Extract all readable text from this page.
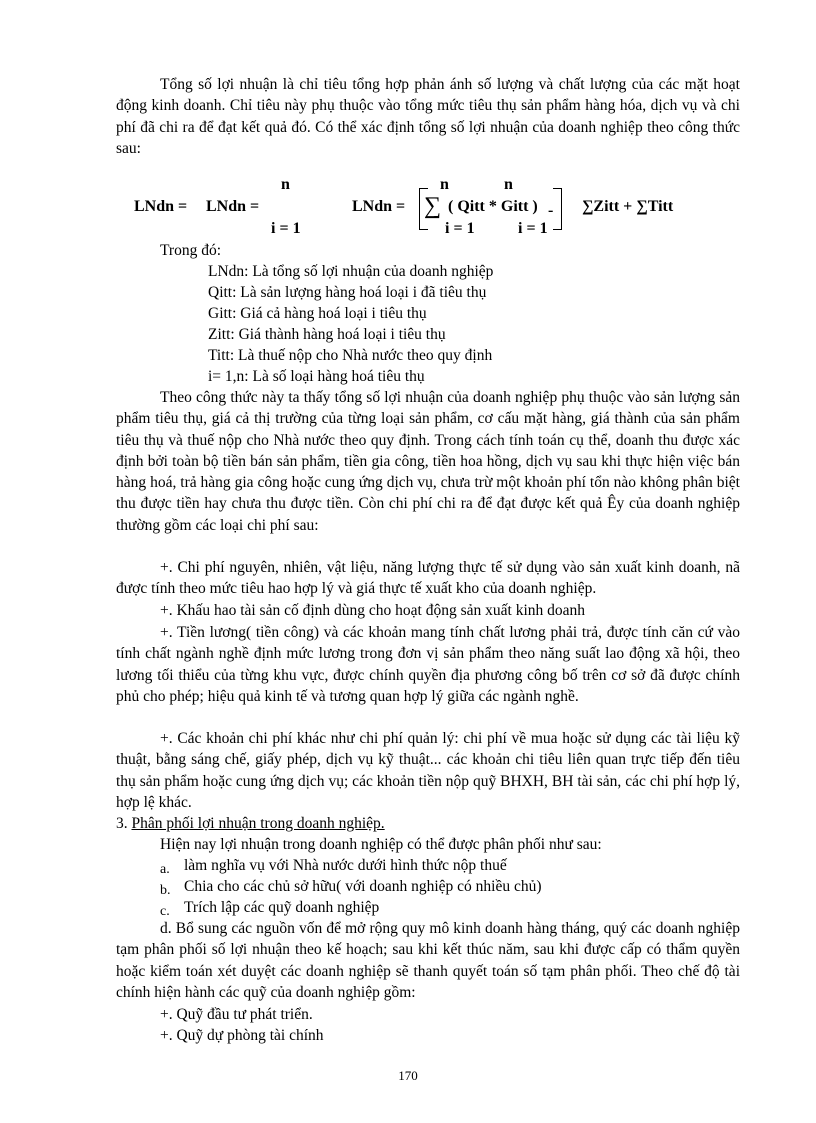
Tổng số lợi nhuận là chỉ tiêu tổng hợp phản ánh số lượng và chất lượng của các mặt hoạt động kinh doanh. Chỉ tiêu này phụ thuộc vào tổng mức tiêu thụ sản phẩm hàng hóa, dịch vụ và chi phí đã chi ra để đạt kết quả đó. Có thể xác định tổng số lợi nhuận của doanh nghiệp theo công thức sau:

LNdn = LNdn =
n
i = 1
LNdn = ∑
n	n
( Qitt * Gitt ) -
i = 1	i = 1
∑Zitt + ∑Titt

Trong đó:

LNdn: Là tổng số lợi nhuận của doanh nghiệp

Qitt: Là sản lượng hàng hoá loại i đã tiêu thụ

Gitt: Giá cả hàng hoá loại i tiêu thụ

Zitt: Giá thành hàng hoá loại i tiêu thụ

Titt: Là thuế nộp cho Nhà nước theo quy định

i= 1,n: Là số loại hàng hoá tiêu thụ

Theo công thức này ta thấy tổng số lợi nhuận của doanh nghiệp phụ thuộc vào sản lượng sản phẩm tiêu thụ, giá cả thị trường của từng loại sản phẩm, cơ cấu mặt hàng, giá thành của sản phẩm tiêu thụ và thuế nộp cho Nhà nước theo quy định. Trong cách tính toán cụ thể, doanh thu được xác định bởi toàn bộ tiền bán sản phẩm, tiền gia công, tiền hoa hồng, dịch vụ sau khi thực hiện việc bán hàng hoá, trả hàng gia công hoặc cung ứng dịch vụ, chưa trừ một khoản phí tổn nào không phân biệt thu được tiền hay chưa thu được tiền. Còn chi phí chi ra để đạt được kết quả Êy của doanh nghiệp thường gồm các loại chi phí sau:

+. Chi phí nguyên, nhiên, vật liệu, năng lượng thực tế sử dụng vào sản xuất kinh doanh, nã được tính theo mức tiêu hao hợp lý và giá thực tế xuất kho của doanh nghiệp.

+. Khấu hao tài sản cố định dùng cho hoạt động sản xuất kinh doanh

+. Tiền lương( tiền công) và các khoản mang tính chất lương phải trả, được tính căn cứ vào tính chất ngành nghề định mức lương trong đơn vị sản phẩm theo năng suất lao động xã hội, theo lương tối thiểu của từng khu vực, được chính quyền địa phương công bố trên cơ sở đã được chính phủ cho phép; hiệu quả kinh tế và tương quan hợp lý giữa các ngành nghề.

+. Các khoản chi phí khác như chi phí quản lý: chi phí về mua hoặc sử dụng các tài liệu kỹ thuật, bằng sáng chế, giấy phép, dịch vụ kỹ thuật... các khoản chi tiêu liên quan trực tiếp đến tiêu thụ sản phẩm hoặc cung ứng dịch vụ; các khoản tiền nộp quỹ BHXH, BH tài sản, các chi phí hợp lý, hợp lệ khác.

3. Phân phối lợi nhuận trong doanh nghiệp.

Hiện nay lợi nhuận trong doanh nghiệp có thể được phân phối như sau:

a. làm nghĩa vụ với Nhà nước dưới hình thức nộp thuế

b. Chia cho các chủ sở hữu( với doanh nghiệp có nhiều chủ)

c. Trích lập các quỹ doanh nghiệp

d. Bổ sung các nguồn vốn để mở rộng quy mô kinh doanh hàng tháng, quý các doanh nghiệp tạm phân phối số lợi nhuận theo kế hoạch; sau khi kết thúc năm, sau khi được cấp có thẩm quyền hoặc kiểm toán xét duyệt các doanh nghiệp sẽ thanh quyết toán số tạm phân phối. Theo chế độ tài chính hiện hành các quỹ của doanh nghiệp gồm:

+. Quỹ đầu tư phát triển.

+. Quỹ dự phòng tài chính

170
